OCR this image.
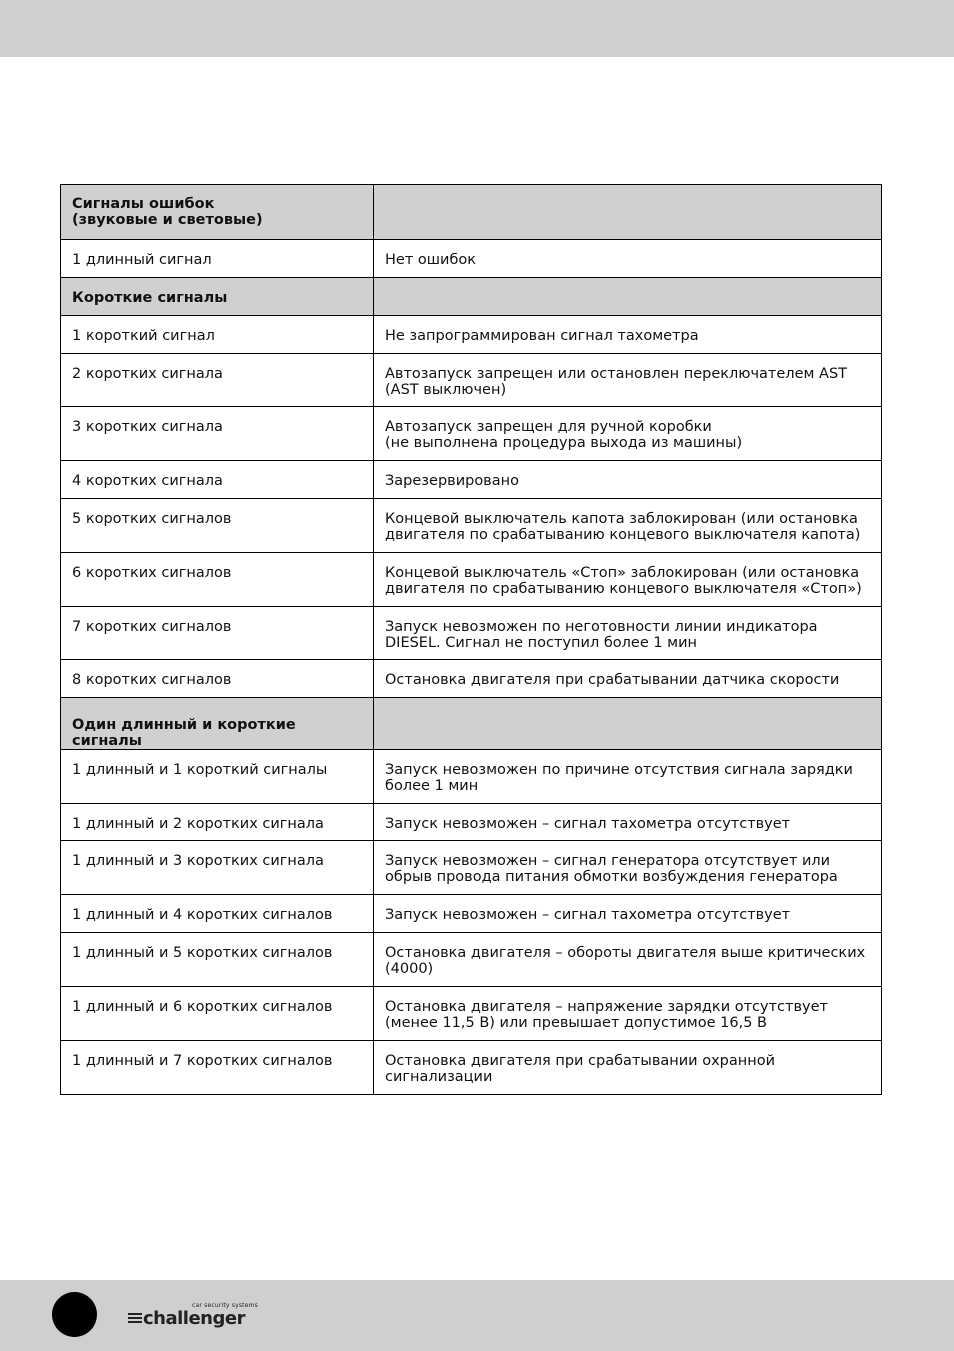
Сигналы ошибок
(звуковые и световые)	

1 длинный сигнал	Нет ошибок

Короткие сигналы	

1 короткий сигнал	Не запрограммирован сигнал тахометра

2 коротких сигнала	Автозапуск запрещен или остановлен переключателем AST
(AST выключен)

3 коротких сигнала	Автозапуск запрещен для ручной коробки
(не выполнена процедура выхода из машины)

4 коротких сигнала	Зарезервировано

5 коротких сигналов	Концевой выключатель капота заблокирован (или остановка
двигателя по срабатыванию концевого выключателя капота)

6 коротких сигналов	Концевой выключатель «Стоп» заблокирован (или остановка
двигателя по срабатыванию концевого выключателя «Стоп»)

7 коротких сигналов	Запуск невозможен по неготовности линии индикатора
DIESEL. Сигнал не поступил более 1 мин

8 коротких сигналов	Остановка двигателя при срабатывании датчика скорости

Один длинный и короткие сигналы	

1 длинный и 1 короткий сигналы	Запуск невозможен по причине отсутствия сигнала зарядки
более 1 мин

1 длинный и 2 коротких сигнала	Запуск невозможен – сигнал тахометра отсутствует

1 длинный и 3 коротких сигнала	Запуск невозможен – сигнал генератора отсутствует или
обрыв провода питания обмотки возбуждения генератора

1 длинный и 4 коротких сигналов	Запуск невозможен – сигнал тахометра отсутствует

1 длинный и 5 коротких сигналов	Остановка двигателя – обороты двигателя выше критических
(4000)

1 длинный и 6 коротких сигналов	Остановка двигателя – напряжение зарядки отсутствует
(менее 11,5 В) или превышает допустимое 16,5 В

1 длинный и 7 коротких сигналов	Остановка двигателя при срабатывании охранной
сигнализации
car security systems
challenger
